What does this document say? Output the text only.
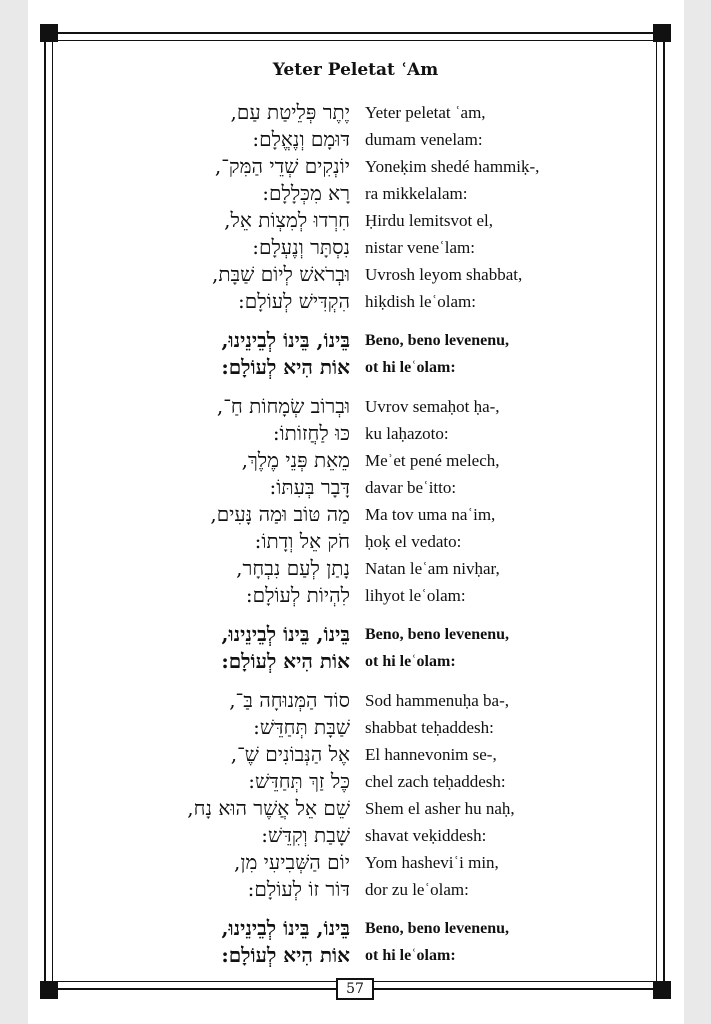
Yeter Peletat ʿAm
יֶתֶר פְּלֵיטַת עַם, Yeter peletat ʿam,
דּוּמָם וְנֶאֱלָם: dumam venelam:
יוֹנְקִים שְׁדֵי הַמִּק־, Yoneḳim shedé hammiḳ-,
רָא מִכְּלָלָם: ra mikkelalam:
חִרְדוּ לְמִצְוֹת אֵל, Ḥirdu lemitsvot el,
נִסְתָּר וְנֶעְלָם: nistar veneʿlam:
וּבְרֹאשׁ לְיוֹם שַׁבָּת, Uvrosh leyom shabbat,
הִקְדִּישׁ לְעוֹלָם: hiḳdish leʿolam:
בֵּינוֹ, בֵּינוֹ לְבֵינֵינוּ, Beno, beno levenenu,
אוֹת הִיא לְעוֹלָם: ot hi leʿolam:
וּבְרוֹב שְׂמָחוֹת חַ־, Uvrov semaḥot ḥa-,
כּוּ לַחֲזוֹתוֹ: ku laḥazoto:
מֵאֵת פְּנֵי מֶלֶךְ, Meʾet pené melech,
דָּבָר בְּעִתּוֹ: davar beʿitto:
מַה טּוֹב וּמַה נָּעִים, Ma tov uma naʿim,
חֹק אֵל וְדָתוֹ: ḥoḳ el vedato:
נָתַן לְעַם נִבְחָר, Natan leʿam nivḥar,
לִהְיוֹת לְעוֹלָם: lihyot leʿolam:
בֵּינוֹ, בֵּינוֹ לְבֵינֵינוּ, Beno, beno levenenu,
אוֹת הִיא לְעוֹלָם: ot hi leʿolam:
סוֹד הַמְּנוּחָה בַּ־, Sod hammenuḥa ba-,
שַׁבָּת תְּחַדֵּשׁ: shabbat teḥaddesh:
אֶל הַנְּבוֹנִים שֶׁ־, El hannevonim se-,
כֶּל זַךְ תְּחַדֵּשׁ: chel zach teḥaddesh:
שֵׁם אֵל אֲשֶׁר הוּא נָח, Shem el asher hu naḥ,
שָׁבַת וְקִדֵּשׁ: shavat veḳiddesh:
יוֹם הַשְּׁבִיעִי מִן, Yom hasheviʿi min,
דּוֹר זוֹ לְעוֹלָם: dor zu leʿolam:
בֵּינוֹ, בֵּינוֹ לְבֵינֵינוּ, Beno, beno levenenu,
אוֹת הִיא לְעוֹלָם: ot hi leʿolam:
57
